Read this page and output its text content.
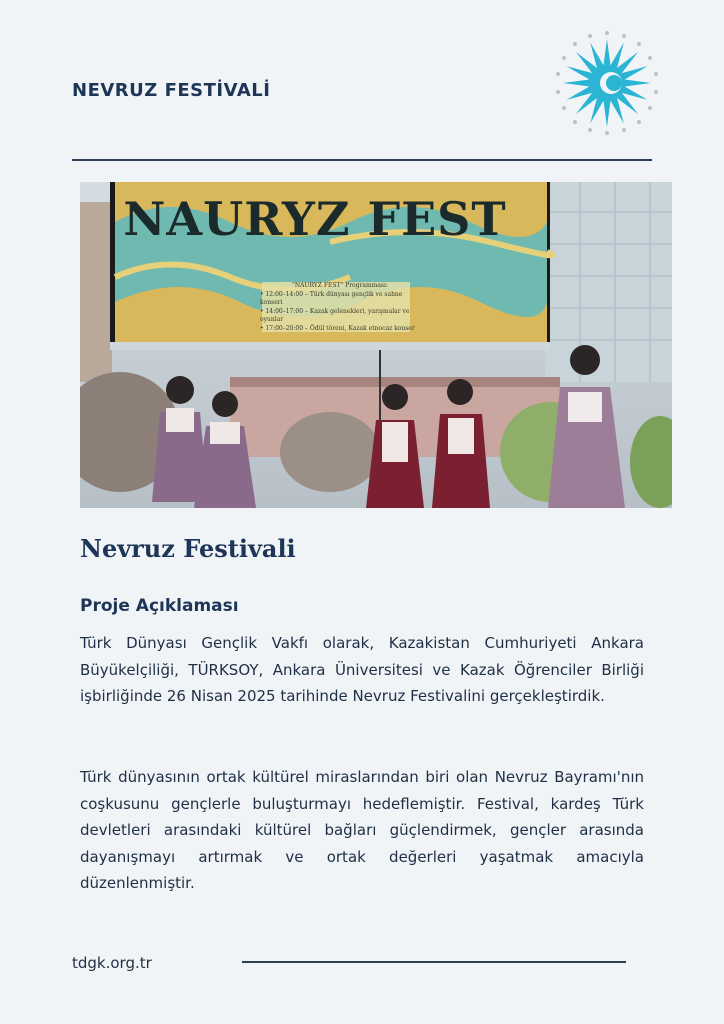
NEVRUZ FESTİVALİ
NAURYZ FEST
"NAURYZ FEST" Programması:
• 12:00–14:00 – Türk dünyası gençlik ve sahne konseri
• 14:00–17:00 – Kazak gelenekleri, yarışmalar ve oyunlar
• 17:00–20:00 – Ödül töreni, Kazak etnocaz konser
Nevruz Festivali
Proje Açıklaması

Türk Dünyası Gençlik Vakfı olarak, Kazakistan Cumhuriyeti Ankara Büyükelçiliği, TÜRKSOY, Ankara Üniversitesi ve Kazak Öğrenciler Birliği işbirliğinde 26 Nisan 2025 tarihinde Nevruz Festivalini gerçekleştirdik.

Türk dünyasının ortak kültürel miraslarından biri olan Nevruz Bayramı'nın coşkusunu gençlerle buluşturmayı hedeflemiştir. Festival, kardeş Türk devletleri arasındaki kültürel bağları güçlendirmek, gençler arasında dayanışmayı artırmak ve ortak değerleri yaşatmak amacıyla düzenlenmiştir.

tdgk.org.tr
